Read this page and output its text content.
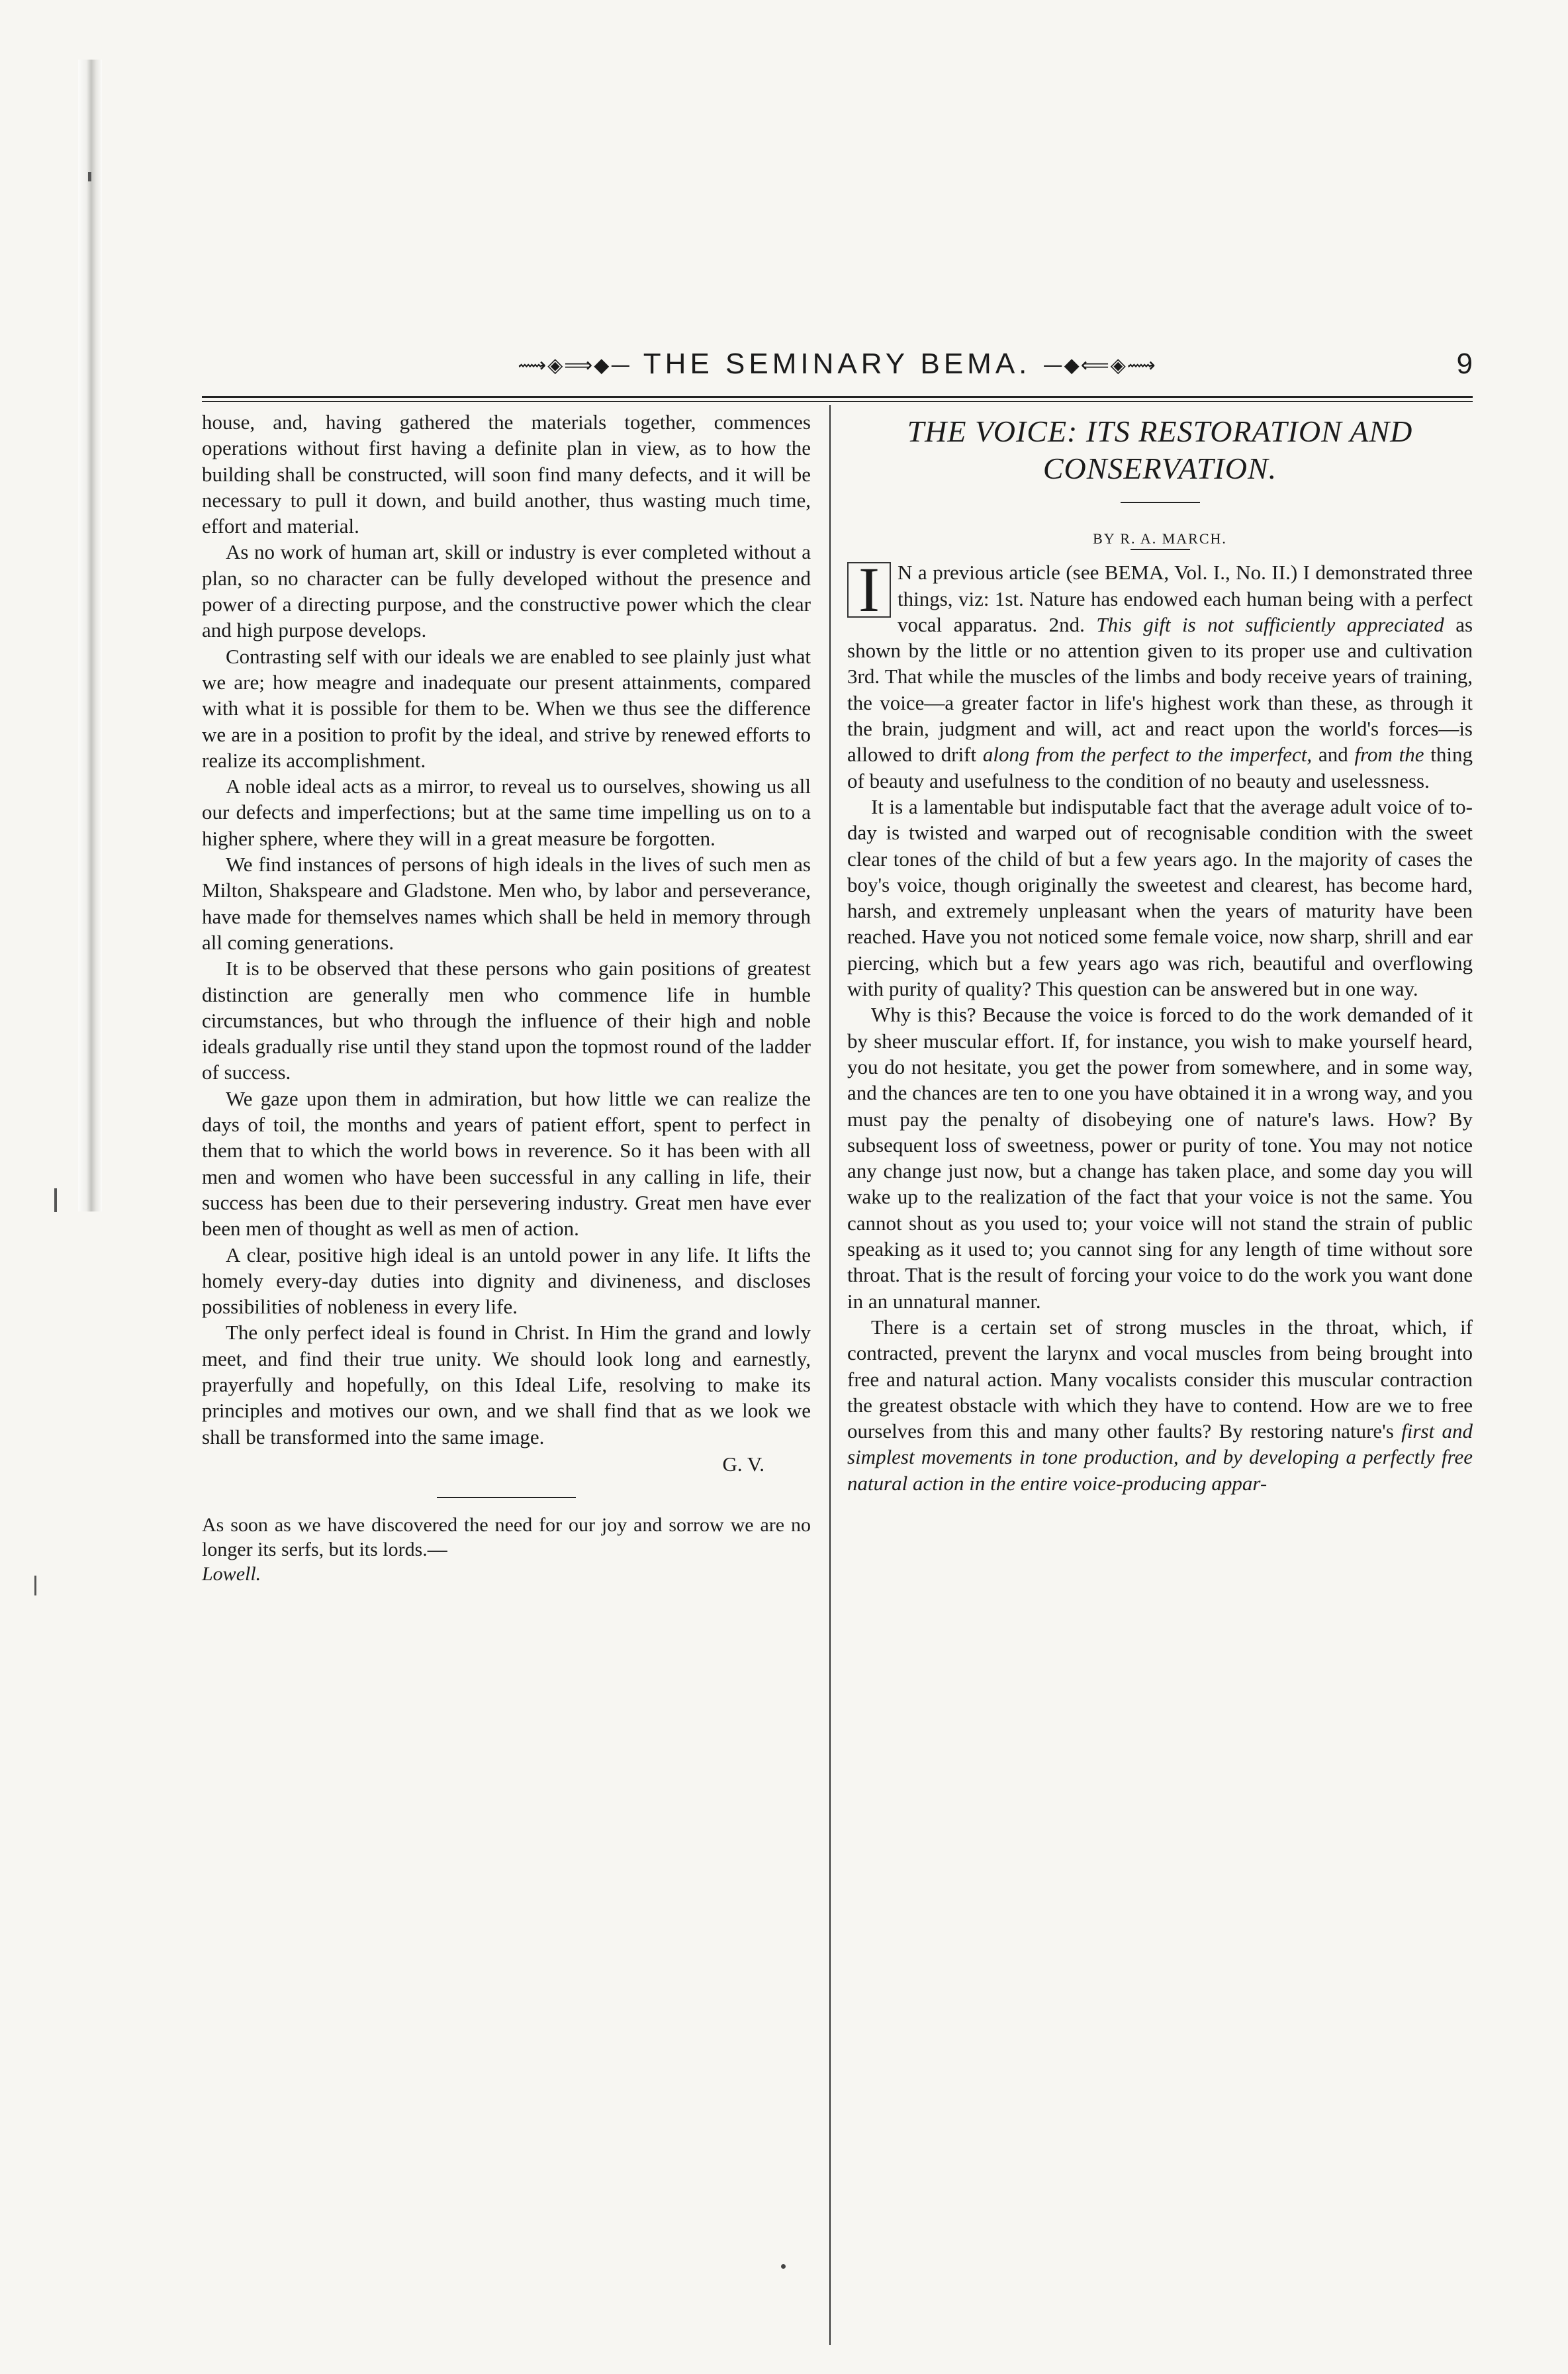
⟿◈⟹◆— THE SEMINARY BEMA. —◆⟸◈⟿	9

house, and, having gathered the materials together, commences operations without first having a definite plan in view, as to how the building shall be constructed, will soon find many defects, and it will be necessary to pull it down, and build another, thus wasting much time, effort and material.

As no work of human art, skill or industry is ever completed without a plan, so no character can be fully developed without the presence and power of a directing purpose, and the constructive power which the clear and high purpose develops.

Contrasting self with our ideals we are enabled to see plainly just what we are; how meagre and inadequate our present attainments, compared with what it is possible for them to be. When we thus see the difference we are in a position to profit by the ideal, and strive by renewed efforts to realize its accomplishment.

A noble ideal acts as a mirror, to reveal us to ourselves, showing us all our defects and imperfections; but at the same time impelling us on to a higher sphere, where they will in a great measure be forgotten.

We find instances of persons of high ideals in the lives of such men as Milton, Shakspeare and Gladstone. Men who, by labor and perseverance, have made for themselves names which shall be held in memory through all coming generations.

It is to be observed that these persons who gain positions of greatest distinction are generally men who commence life in humble circumstances, but who through the influence of their high and noble ideals gradually rise until they stand upon the topmost round of the ladder of success.

We gaze upon them in admiration, but how little we can realize the days of toil, the months and years of patient effort, spent to perfect in them that to which the world bows in reverence. So it has been with all men and women who have been successful in any calling in life, their success has been due to their persevering industry. Great men have ever been men of thought as well as men of action.

A clear, positive high ideal is an untold power in any life. It lifts the homely every-day duties into dignity and divineness, and discloses possibilities of nobleness in every life.

The only perfect ideal is found in Christ. In Him the grand and lowly meet, and find their true unity. We should look long and earnestly, prayerfully and hopefully, on this Ideal Life, resolving to make its principles and motives our own, and we shall find that as we look we shall be transformed into the same image.

G. V.

As soon as we have discovered the need for our joy and sorrow we are no longer its serfs, but its lords.—
Lowell.

THE VOICE: ITS RESTORATION AND
CONSERVATION.
BY R. A. MARCH.

I N a previous article (see BEMA, Vol. I., No. II.) I demonstrated three things, viz: 1st. Nature has endowed each human being with a perfect vocal apparatus. 2nd. This gift is not sufficiently appreciated as shown by the little or no attention given to its proper use and cultivation 3rd. That while the muscles of the limbs and body receive years of training, the voice—a greater factor in life's highest work than these, as through it the brain, judgment and will, act and react upon the world's forces—is allowed to drift along from the perfect to the imperfect, and from the thing of beauty and usefulness to the condition of no beauty and uselessness.

It is a lamentable but indisputable fact that the average adult voice of to-day is twisted and warped out of recognisable condition with the sweet clear tones of the child of but a few years ago. In the majority of cases the boy's voice, though originally the sweetest and clearest, has become hard, harsh, and extremely unpleasant when the years of maturity have been reached. Have you not noticed some female voice, now sharp, shrill and ear piercing, which but a few years ago was rich, beautiful and overflowing with purity of quality? This question can be answered but in one way.

Why is this? Because the voice is forced to do the work demanded of it by sheer muscular effort. If, for instance, you wish to make yourself heard, you do not hesitate, you get the power from somewhere, and in some way, and the chances are ten to one you have obtained it in a wrong way, and you must pay the penalty of disobeying one of nature's laws. How? By subsequent loss of sweetness, power or purity of tone. You may not notice any change just now, but a change has taken place, and some day you will wake up to the realization of the fact that your voice is not the same. You cannot shout as you used to; your voice will not stand the strain of public speaking as it used to; you cannot sing for any length of time without sore throat. That is the result of forcing your voice to do the work you want done in an unnatural manner.

There is a certain set of strong muscles in the throat, which, if contracted, prevent the larynx and vocal muscles from being brought into free and natural action. Many vocalists consider this muscular contraction the greatest obstacle with which they have to contend. How are we to free ourselves from this and many other faults? By restoring nature's first and simplest movements in tone production, and by developing a perfectly free natural action in the entire voice-producing appar-
